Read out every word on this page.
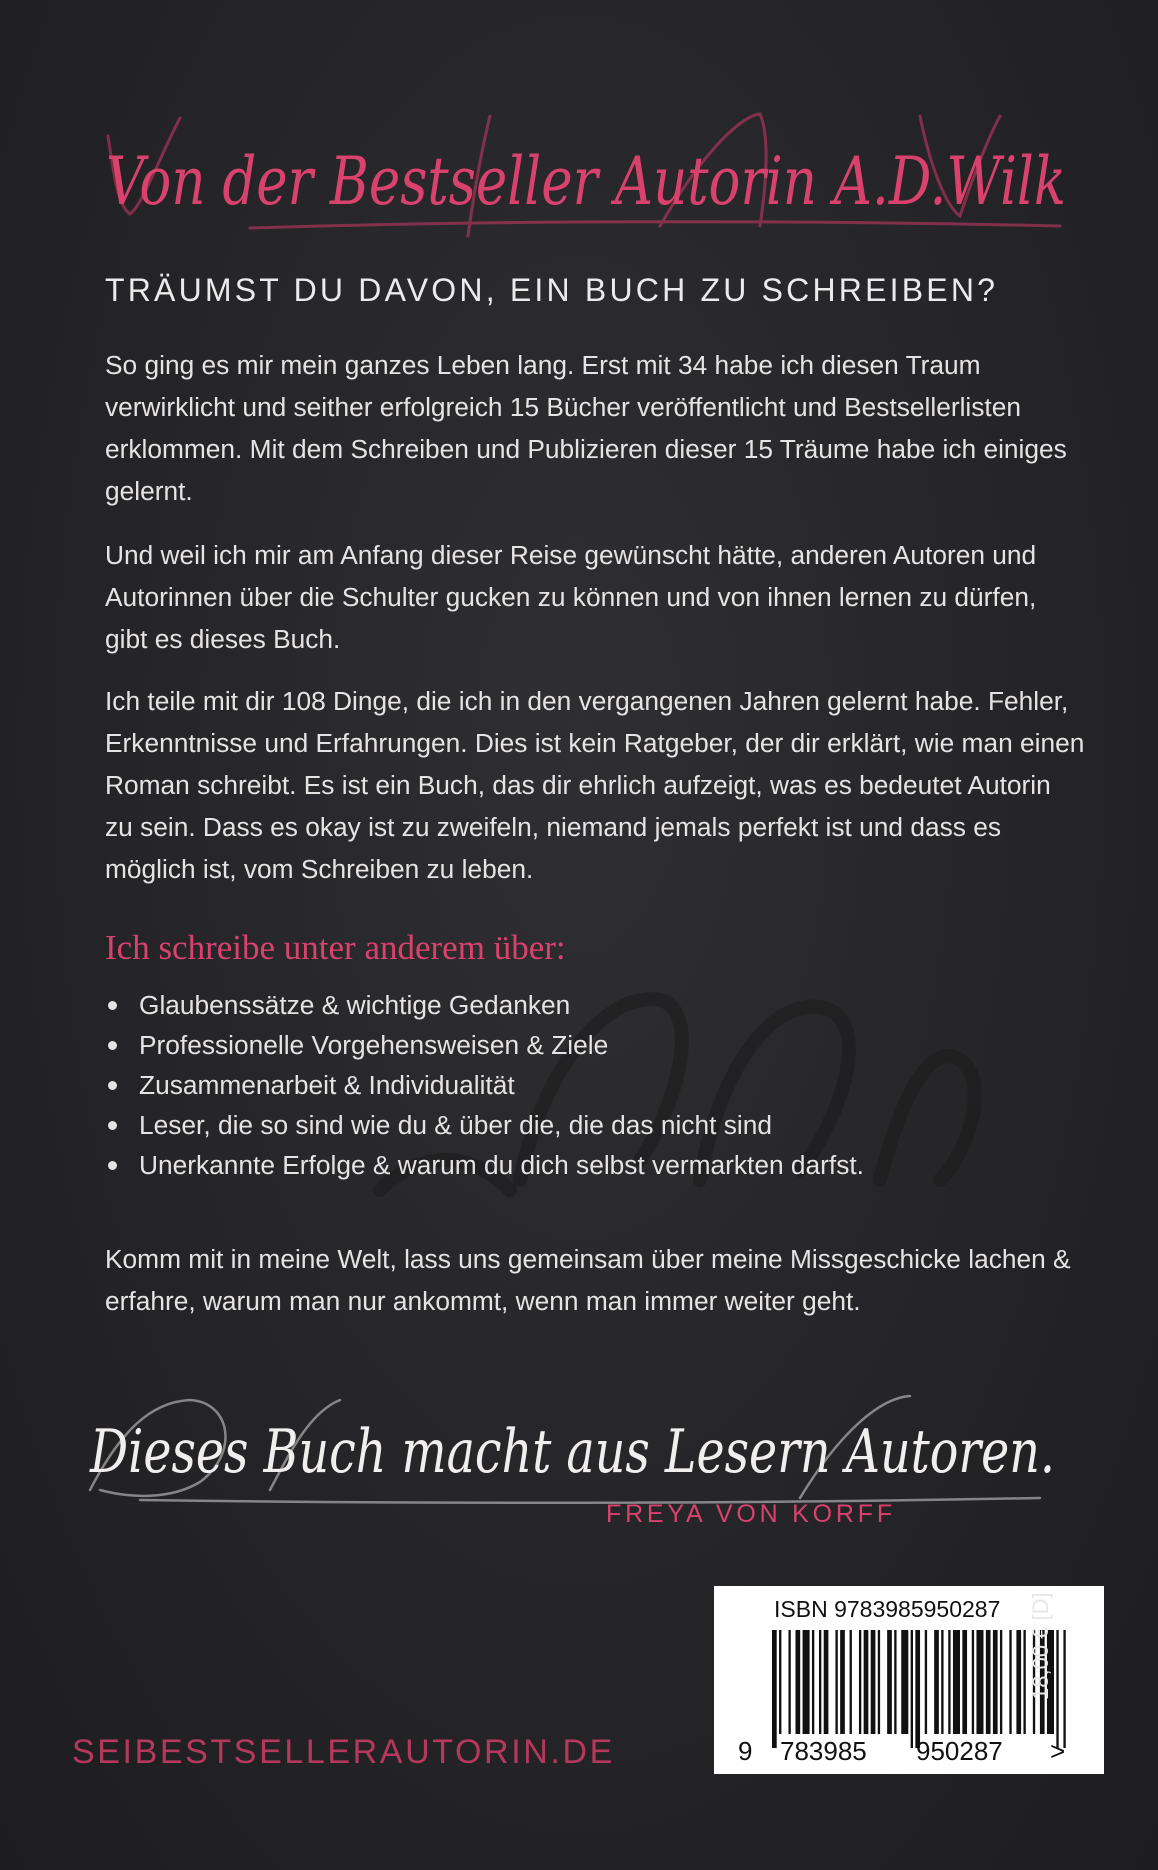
Von der Bestseller Autorin A.D.Wilk
TRÄUMST DU DAVON, EIN BUCH ZU SCHREIBEN?

So ging es mir mein ganzes Leben lang. Erst mit 34 habe ich diesen Traum verwirklicht und seither erfolgreich 15 Bücher veröffentlicht und Bestsellerlisten erklommen. Mit dem Schreiben und Publizieren dieser 15 Träume habe ich einiges gelernt.

Und weil ich mir am Anfang dieser Reise gewünscht hätte, anderen Autoren und Autorinnen über die Schulter gucken zu können und von ihnen lernen zu dürfen, gibt es dieses Buch.

Ich teile mit dir 108 Dinge, die ich in den vergangenen Jahren gelernt habe. Fehler, Erkenntnisse und Erfahrungen. Dies ist kein Ratgeber, der dir erklärt, wie man einen Roman schreibt. Es ist ein Buch, das dir ehrlich aufzeigt, was es bedeutet Autorin zu sein. Dass es okay ist zu zweifeln, niemand jemals perfekt ist und dass es möglich ist, vom Schreiben zu leben.

Ich schreibe unter anderem über:
Glaubenssätze & wichtige Gedanken
Professionelle Vorgehensweisen & Ziele
Zusammenarbeit & Individualität
Leser, die so sind wie du & über die, die das nicht sind
Unerkannte Erfolge & warum du dich selbst vermarkten darfst.

Komm mit in meine Welt, lass uns gemeinsam über meine Missgeschicke lachen & erfahre, warum man nur ankommt, wenn man immer weiter geht.

Dieses Buch macht aus Lesern Autoren.
FREYA VON KORFF
SEIBESTSELLERAUTORIN.DE
ISBN 9783985950287
9 783985 950287 >
18,00 € [D]
